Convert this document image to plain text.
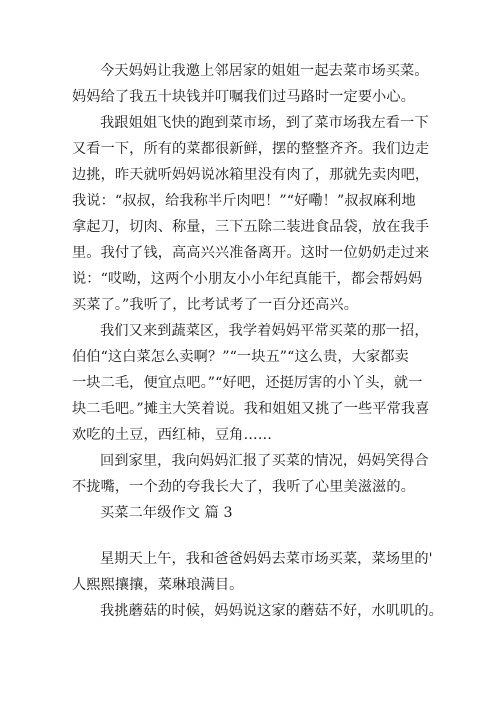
今天妈妈让我邀上邻居家的姐姐一起去菜市场买菜。
妈妈给了我五十块钱并叮嘱我们过马路时一定要小心。
我跟姐姐飞快的跑到菜市场，到了菜市场我左看一下
又看一下，所有的菜都很新鲜，摆的整整齐齐。我们边走
边挑，昨天就听妈妈说冰箱里没有肉了，那就先卖肉吧，
我说：“叔叔，给我称半斤肉吧！”“好嘞！”叔叔麻利地
拿起刀，切肉、称量，三下五除二装进食品袋，放在我手
里。我付了钱，高高兴兴准备离开。这时一位奶奶走过来
说：“哎呦，这两个小朋友小小年纪真能干，都会帮妈妈
买菜了。”我听了，比考试考了一百分还高兴。
我们又来到蔬菜区，我学着妈妈平常买菜的那一招，
伯伯“这白菜怎么卖啊？”“一块五”“这么贵，大家都卖
一块二毛，便宜点吧。”“好吧，还挺厉害的小丫头，就一
块二毛吧。”摊主大笑着说。我和姐姐又挑了一些平常我喜
欢吃的土豆，西红柿，豆角……
回到家里，我向妈妈汇报了买菜的情况，妈妈笑得合
不拢嘴，一个劲的夸我长大了，我听了心里美滋滋的。
买菜二年级作文 篇 3
星期天上午，我和爸爸妈妈去菜市场买菜，菜场里的'
人熙熙攘攘，菜琳琅满目。
我挑蘑菇的时候，妈妈说这家的蘑菇不好，水叽叽的。
